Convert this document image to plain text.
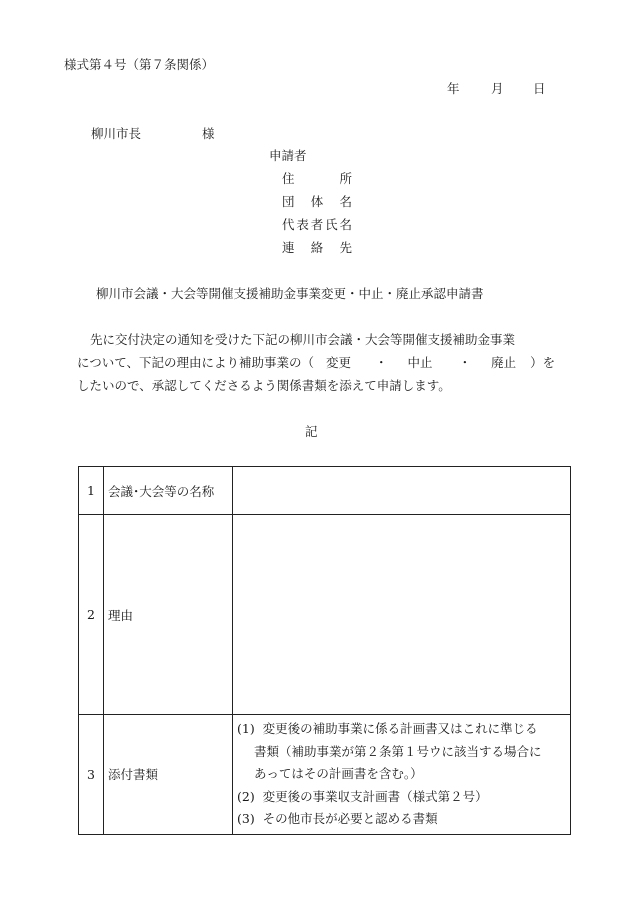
様式第４号（第７条関係）
年	月 日
柳川市長	様
申請者
住所
団体名
代表者氏名
連絡先
柳川市会議・大会等開催支援補助金事業変更・中止・廃止承認申請書
先に交付決定の通知を受けた下記の柳川市会議・大会等開催支援補助金事業
について、下記の理由により補助事業の（ 変更 ・ 中止 ・ 廃止 ）を
したいので、承認してくださるよう関係書類を添えて申請します。
記
1	会議･大会等の名称	
2	理由	
3	添付書類	(1) 変更後の補助事業に係る計画書又はこれに準じる
書類（補助事業が第２条第１号ウに該当する場合に
あってはその計画書を含む。）
(2) 変更後の事業収支計画書（様式第２号）
(3) その他市長が必要と認める書類
